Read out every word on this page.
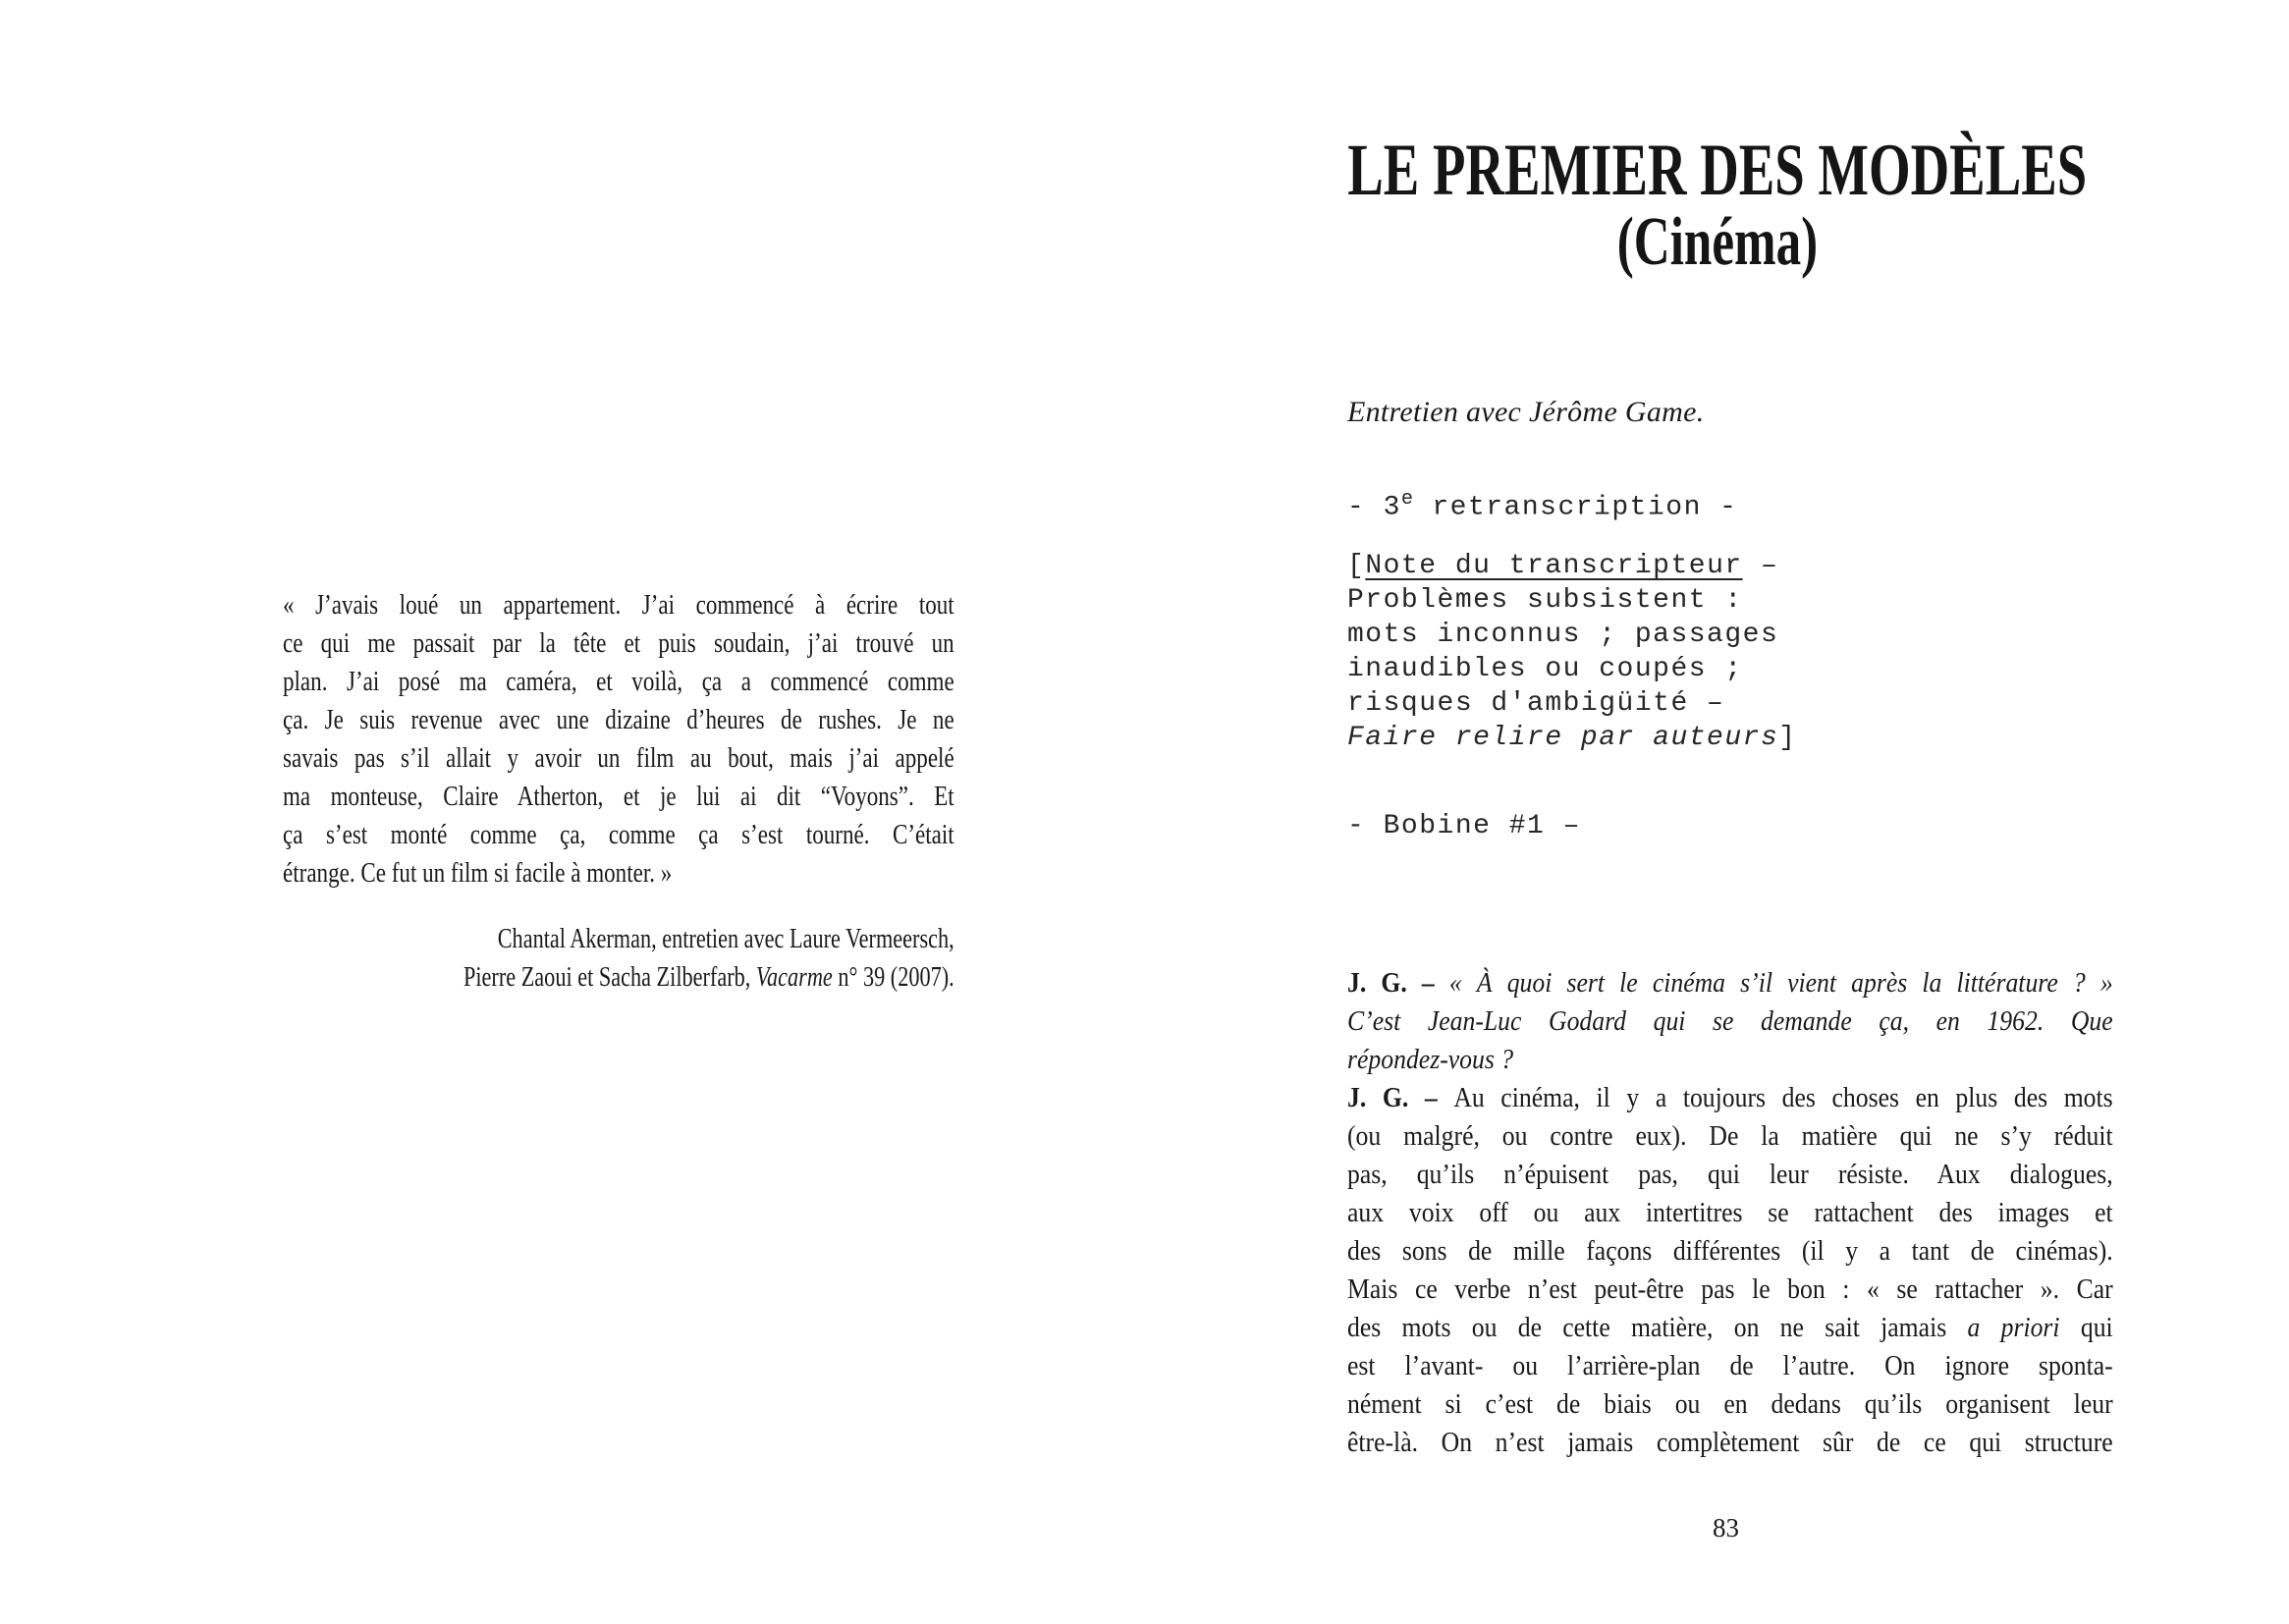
« J’avais loué un appartement. J’ai commencé à écrire tout
ce qui me passait par la tête et puis soudain, j’ai trouvé un
plan. J’ai posé ma caméra, et voilà, ça a commencé comme
ça. Je suis revenue avec une dizaine d’heures de rushes. Je ne
savais pas s’il allait y avoir un film au bout, mais j’ai appelé
ma monteuse, Claire Atherton, et je lui ai dit “Voyons”. Et
ça s’est monté comme ça, comme ça s’est tourné. C’était
étrange. Ce fut un film si facile à monter. »
Chantal Akerman, entretien avec Laure Vermeersch,
Pierre Zaoui et Sacha Zilberfarb, Vacarme n° 39 (2007).
LE PREMIER DES MODÈLES
(Cinéma)
Entretien avec Jérôme Game.
- 3e retranscription -
[Note du transcripteur –
Problèmes subsistent :
mots inconnus ; passages
inaudibles ou coupés ;
risques d'ambigüité –
Faire relire par auteurs]
- Bobine #1 –
J. G. – « À quoi sert le cinéma s’il vient après la littérature ? »
C’est Jean-Luc Godard qui se demande ça, en 1962. Que
répondez-vous ?
J. G. – Au cinéma, il y a toujours des choses en plus des mots
(ou malgré, ou contre eux). De la matière qui ne s’y réduit
pas, qu’ils n’épuisent pas, qui leur résiste. Aux dialogues,
aux voix off ou aux intertitres se rattachent des images et
des sons de mille façons différentes (il y a tant de cinémas).
Mais ce verbe n’est peut-être pas le bon : « se rattacher ». Car
des mots ou de cette matière, on ne sait jamais a priori qui
est l’avant- ou l’arrière-plan de l’autre. On ignore sponta-
nément si c’est de biais ou en dedans qu’ils organisent leur
être-là. On n’est jamais complètement sûr de ce qui structure
83
